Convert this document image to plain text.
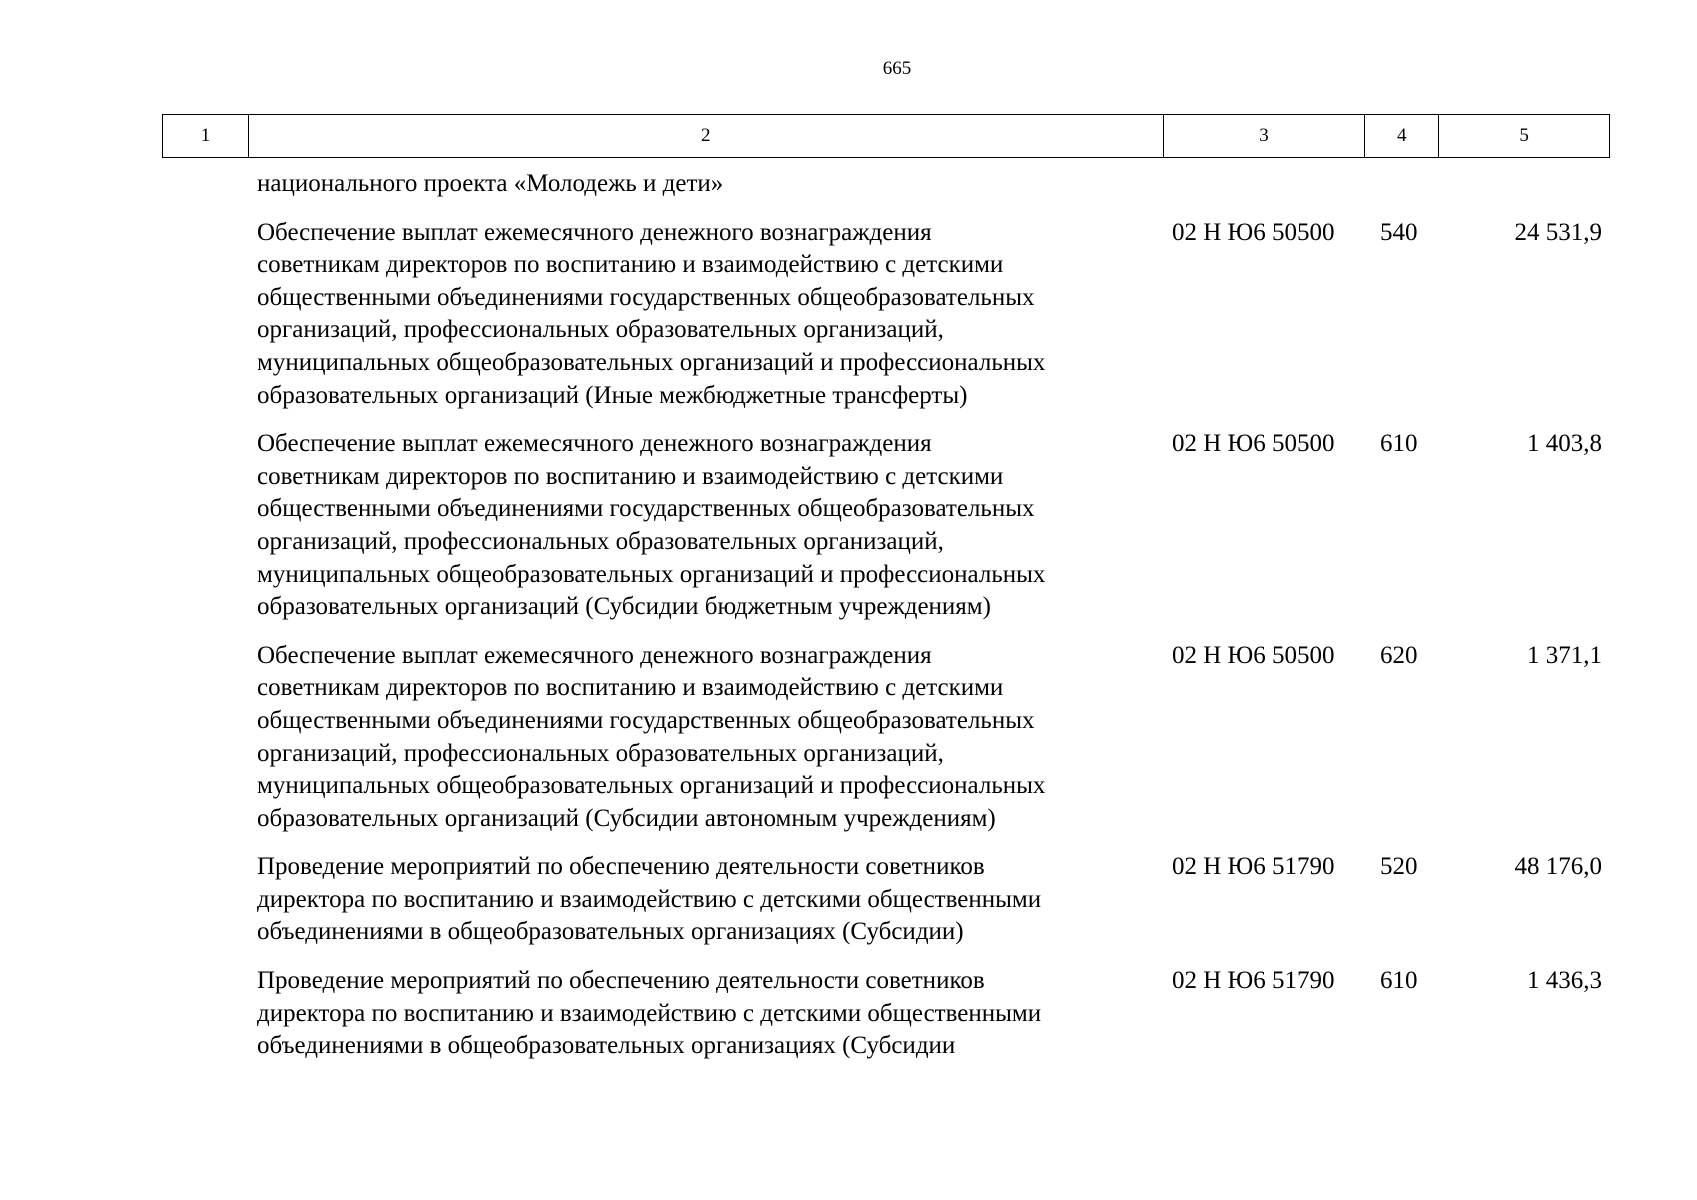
665
1	2	3	4	5
национального проекта «Молодежь и дети»
Обеспечение выплат ежемесячного денежного вознаграждения
советникам директоров по воспитанию и взаимодействию с детскими
общественными объединениями государственных общеобразовательных
организаций, профессиональных образовательных организаций,
муниципальных общеобразовательных организаций и профессиональных
образовательных организаций (Иные межбюджетные трансферты)
02 Н Ю6 50500	540	24 531,9
Обеспечение выплат ежемесячного денежного вознаграждения
советникам директоров по воспитанию и взаимодействию с детскими
общественными объединениями государственных общеобразовательных
организаций, профессиональных образовательных организаций,
муниципальных общеобразовательных организаций и профессиональных
образовательных организаций (Субсидии бюджетным учреждениям)
02 Н Ю6 50500	610	1 403,8
Обеспечение выплат ежемесячного денежного вознаграждения
советникам директоров по воспитанию и взаимодействию с детскими
общественными объединениями государственных общеобразовательных
организаций, профессиональных образовательных организаций,
муниципальных общеобразовательных организаций и профессиональных
образовательных организаций (Субсидии автономным учреждениям)
02 Н Ю6 50500	620	1 371,1
Проведение мероприятий по обеспечению деятельности советников
директора по воспитанию и взаимодействию с детскими общественными
объединениями в общеобразовательных организациях (Субсидии)
02 Н Ю6 51790	520	48 176,0
Проведение мероприятий по обеспечению деятельности советников
директора по воспитанию и взаимодействию с детскими общественными
объединениями в общеобразовательных организациях (Субсидии
02 Н Ю6 51790	610	1 436,3
